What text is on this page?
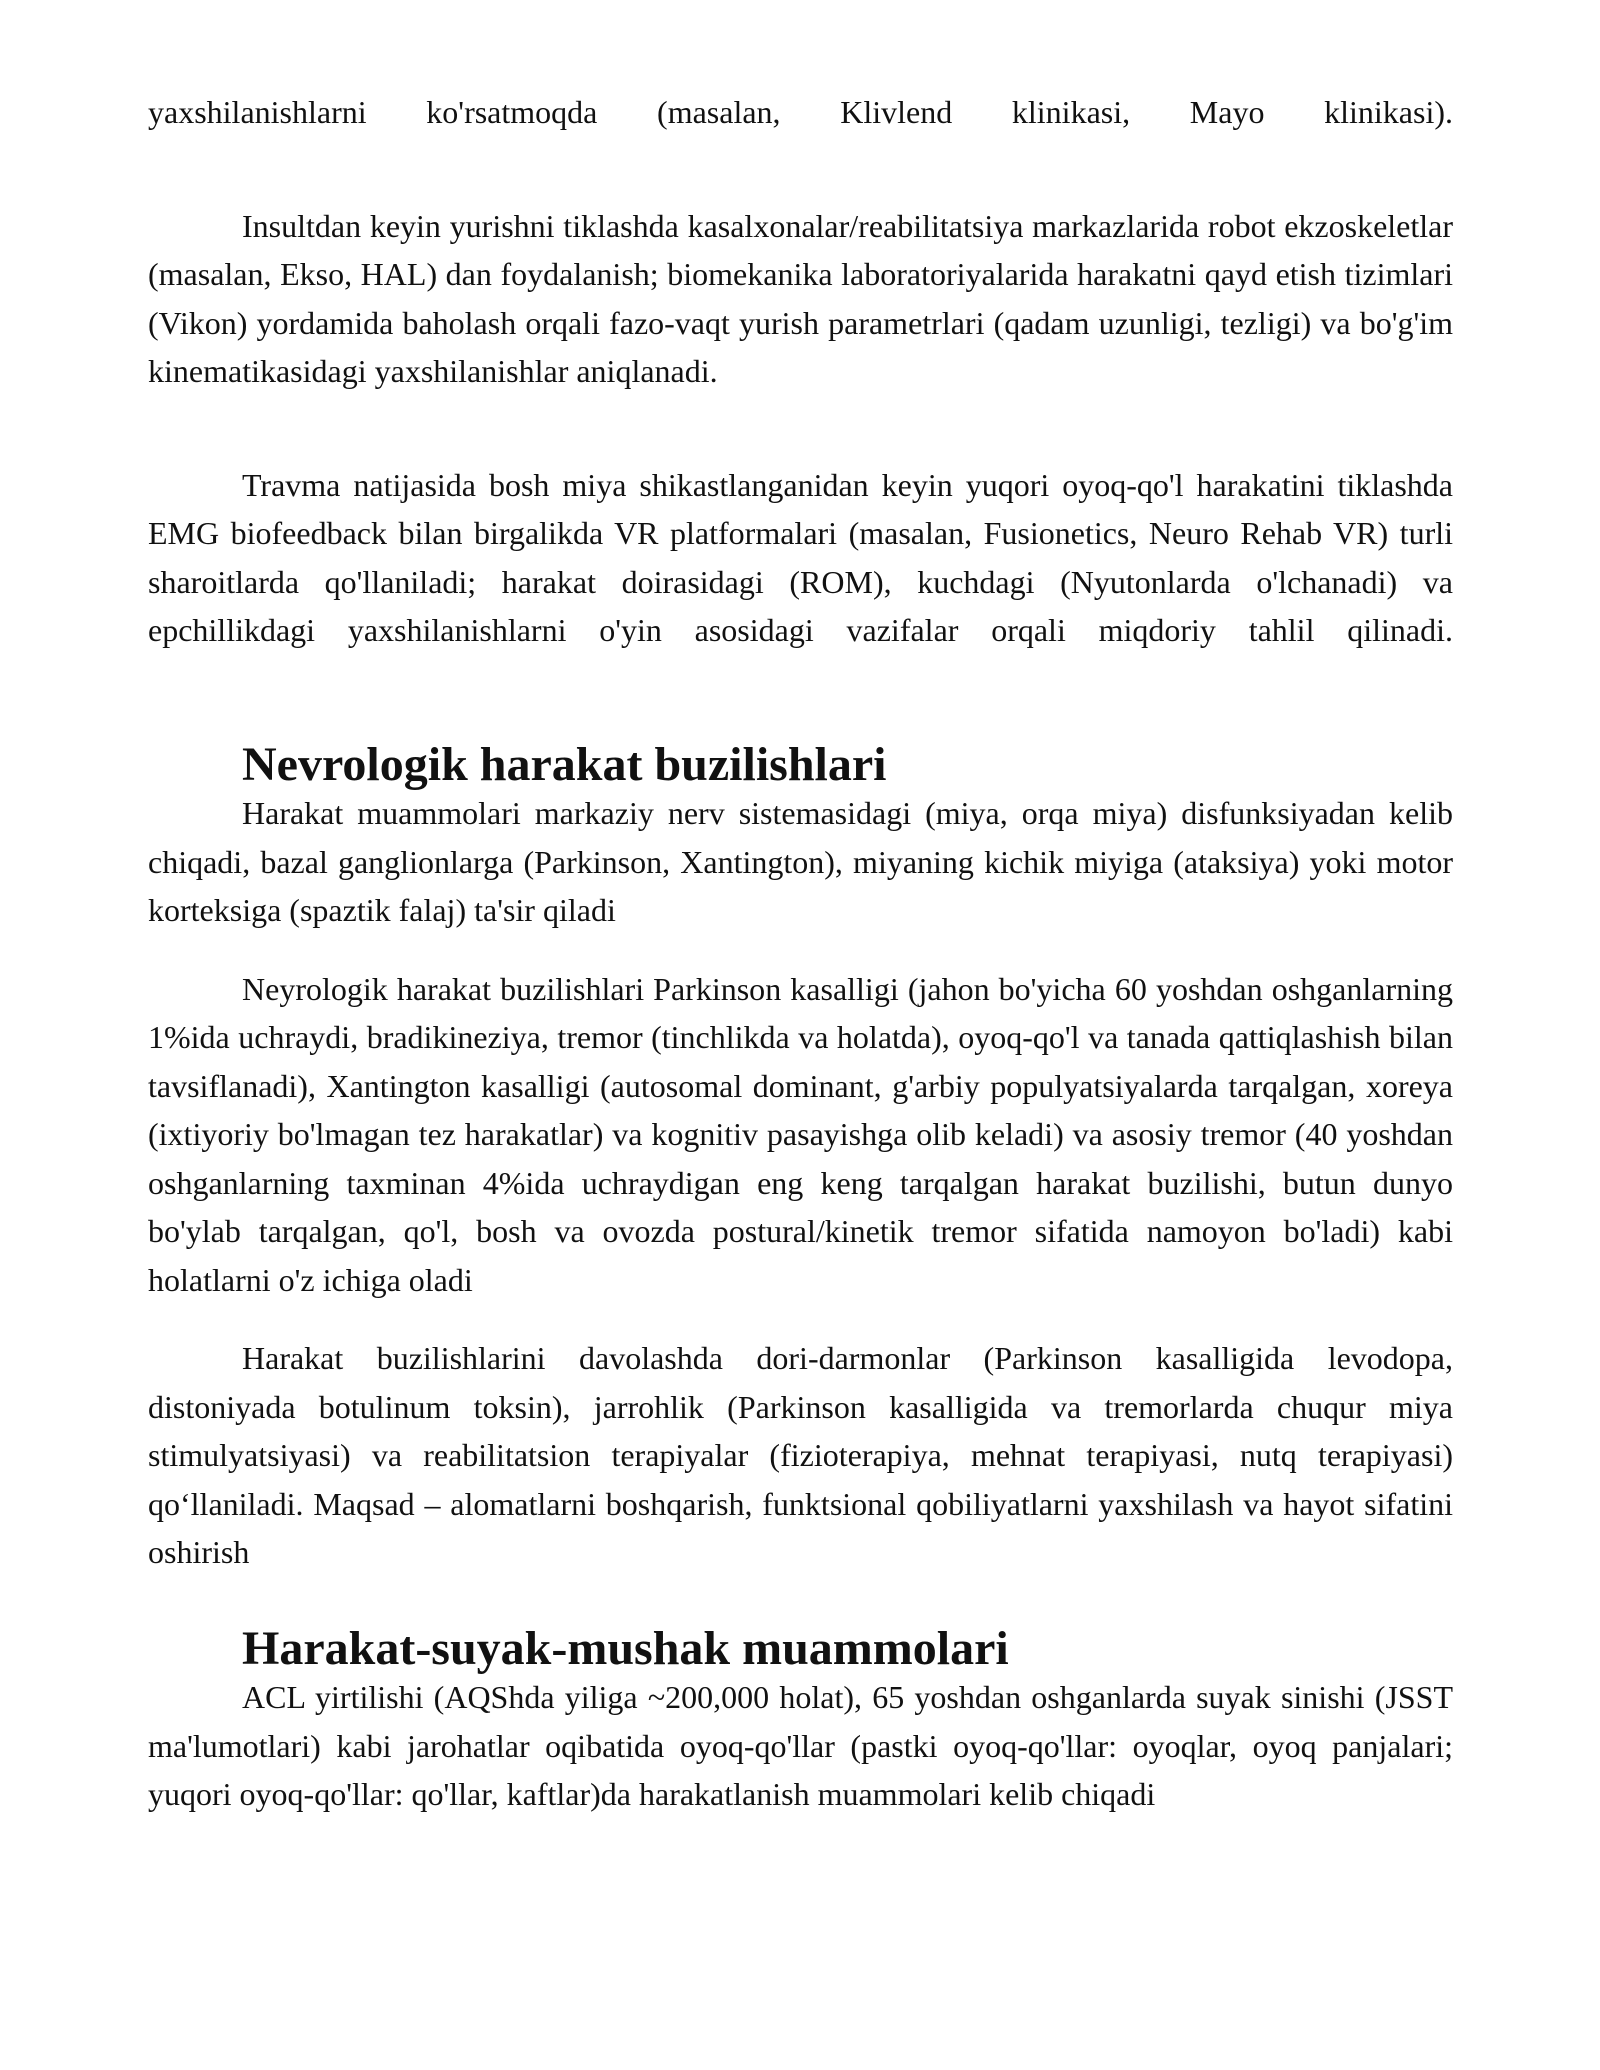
yaxshilanishlarni ko'rsatmoqda (masalan, Klivlend klinikasi, Mayo klinikasi).

Insultdan keyin yurishni tiklashda kasalxonalar/reabilitatsiya markazlarida robot ekzoskeletlar (masalan, Ekso, HAL) dan foydalanish; biomekanika laboratoriyalarida harakatni qayd etish tizimlari (Vikon) yordamida baholash orqali fazo-vaqt yurish parametrlari (qadam uzunligi, tezligi) va bo'g'im kinematikasidagi yaxshilanishlar aniqlanadi.

Travma natijasida bosh miya shikastlanganidan keyin yuqori oyoq-qo'l harakatini tiklashda EMG biofeedback bilan birgalikda VR platformalari (masalan, Fusionetics, Neuro Rehab VR) turli sharoitlarda qo'llaniladi; harakat doirasidagi (ROM), kuchdagi (Nyutonlarda o'lchanadi) va epchillikdagi yaxshilanishlarni o'yin asosidagi vazifalar orqali miqdoriy tahlil qilinadi.

Nevrologik harakat buzilishlari

Harakat muammolari markaziy nerv sistemasidagi (miya, orqa miya) disfunksiyadan kelib chiqadi, bazal ganglionlarga (Parkinson, Xantington), miyaning kichik miyiga (ataksiya) yoki motor korteksiga (spaztik falaj) ta'sir qiladi

Neyrologik harakat buzilishlari Parkinson kasalligi (jahon bo'yicha 60 yoshdan oshganlarning 1%ida uchraydi, bradikineziya, tremor (tinchlikda va holatda), oyoq-qo'l va tanada qattiqlashish bilan tavsiflanadi), Xantington kasalligi (autosomal dominant, g'arbiy populyatsiyalarda tarqalgan, xoreya (ixtiyoriy bo'lmagan tez harakatlar) va kognitiv pasayishga olib keladi) va asosiy tremor (40 yoshdan oshganlarning taxminan 4%ida uchraydigan eng keng tarqalgan harakat buzilishi, butun dunyo bo'ylab tarqalgan, qo'l, bosh va ovozda postural/kinetik tremor sifatida namoyon bo'ladi) kabi holatlarni o'z ichiga oladi

Harakat buzilishlarini davolashda dori-darmonlar (Parkinson kasalligida levodopa, distoniyada botulinum toksin), jarrohlik (Parkinson kasalligida va tremorlarda chuqur miya stimulyatsiyasi) va reabilitatsion terapiyalar (fizioterapiya, mehnat terapiyasi, nutq terapiyasi) qo‘llaniladi. Maqsad – alomatlarni boshqarish, funktsional qobiliyatlarni yaxshilash va hayot sifatini oshirish

Harakat-suyak-mushak muammolari

ACL yirtilishi (AQShda yiliga ~200,000 holat), 65 yoshdan oshganlarda suyak sinishi (JSST ma'lumotlari) kabi jarohatlar oqibatida oyoq-qo'llar (pastki oyoq-qo'llar: oyoqlar, oyoq panjalari; yuqori oyoq-qo'llar: qo'llar, kaftlar)da harakatlanish muammolari kelib chiqadi
